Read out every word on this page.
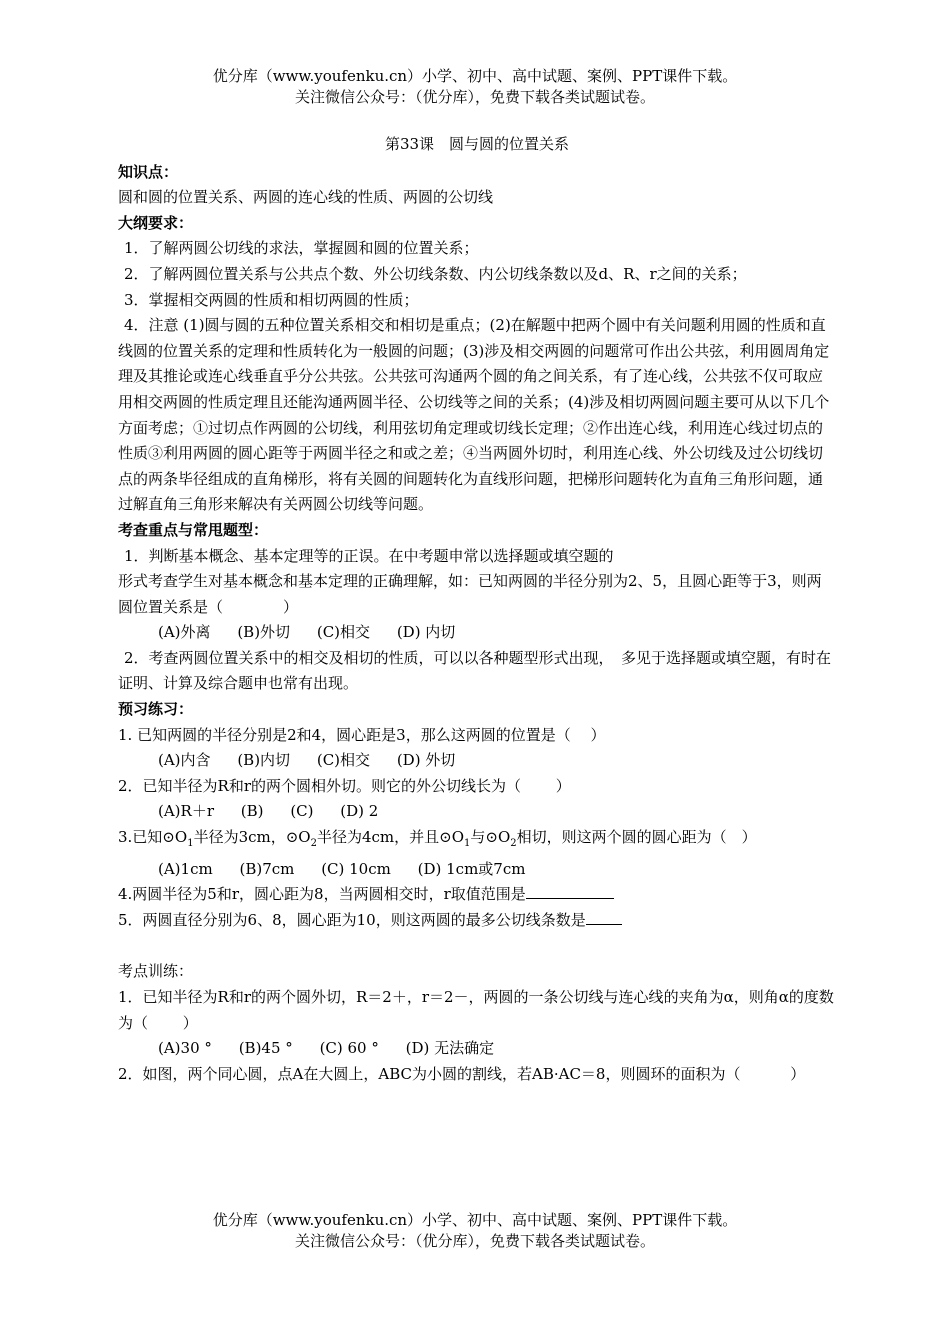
优分库（www.youfenku.cn）小学、初中、高中试题、案例、PPT课件下载。
关注微信公众号：（优分库），免费下载各类试题试卷。

第33课　圆与圆的位置关系

知识点：

圆和圆的位置关系、两圆的连心线的性质、两圆的公切线

大纲要求：

1．了解两圆公切线的求法，掌握圆和圆的位置关系；

2．了解两圆位置关系与公共点个数、外公切线条数、内公切线条数以及d、R、r之间的关系；

3．掌握相交两圆的性质和相切两圆的性质；

4．注意 (1)圆与圆的五种位置关系相交和相切是重点；(2)在解题中把两个圆中有关问题利用圆的性质和直线圆的位置关系的定理和性质转化为一般圆的问题；(3)涉及相交两圆的问题常可作出公共弦，利用圆周角定理及其推论或连心线垂直乎分公共弦。公共弦可沟通两个圆的角之间关系，有了连心线，公共弦不仅可取应用相交两圆的性质定理且还能沟通两圆半径、公切线等之间的关系；(4)涉及相切两圆问题主要可从以下几个方面考虑；①过切点作两圆的公切线，利用弦切角定理或切线长定理；②作出连心线，利用连心线过切点的性质③利用两圆的圆心距等于两圆半径之和或之差；④当两圆外切时，利用连心线、外公切线及过公切线切点的两条毕径组成的直角梯形，将有关圆的间题转化为直线形问题，把梯形问题转化为直角三角形问题，通过解直角三角形来解决有关两圆公切线等问题。

考查重点与常甩题型：

1．判断基本概念、基本定理等的正误。在中考题申常以选择题或填空题的

形式考查学生对基本概念和基本定理的正确理解，如：已知两圆的半径分别为2、5，且圆心距等于3，则两圆位置关系是（　　　　）

(A)外离 (B)外切 (C)相交 (D) 内切

2．考查两圆位置关系中的相交及相切的性质，可以以各种题型形式出现，　多见于选择题或填空题，有时在证明、计算及综合题申也常有出现。

预习练习：

1. 已知两圆的半径分别是2和4，圆心距是3，那么这两圆的位置是（　 ）

(A)内含 (B)内切 (C)相交 (D) 外切

2．已知半径为R和r的两个圆相外切。则它的外公切线长为（　　 ）

(A)R＋r (B) (C) (D) 2

3.已知$⊙O_1$半径为3cm，$⊙O_2$半径为4cm，并且$⊙O_1$与$⊙O_2$相切，则这两个圆的圆心距为（　）

(A)1cm (B)7cm (C) 10cm (D) 1cm或7cm

4.两圆半径为5和r，圆心距为8，当两圆相交时，r取值范围是

5．两圆直径分别为6、8，圆心距为10，则这两圆的最多公切线条数是

考点训练：

1．已知半径为R和r的两个圆外切，R＝2＋，r＝2－，两圆的一条公切线与连心线的夹角为α，则角α的度数为（　　 ）

(A)30 ° (B)45 ° (C) 60 ° (D) 无法确定

2．如图，两个同心圆，点A在大圆上，ABC为小圆的割线，若AB·AC＝8，则圆环的面积为（　　　 ）

优分库（www.youfenku.cn）小学、初中、高中试题、案例、PPT课件下载。
关注微信公众号：（优分库），免费下载各类试题试卷。
